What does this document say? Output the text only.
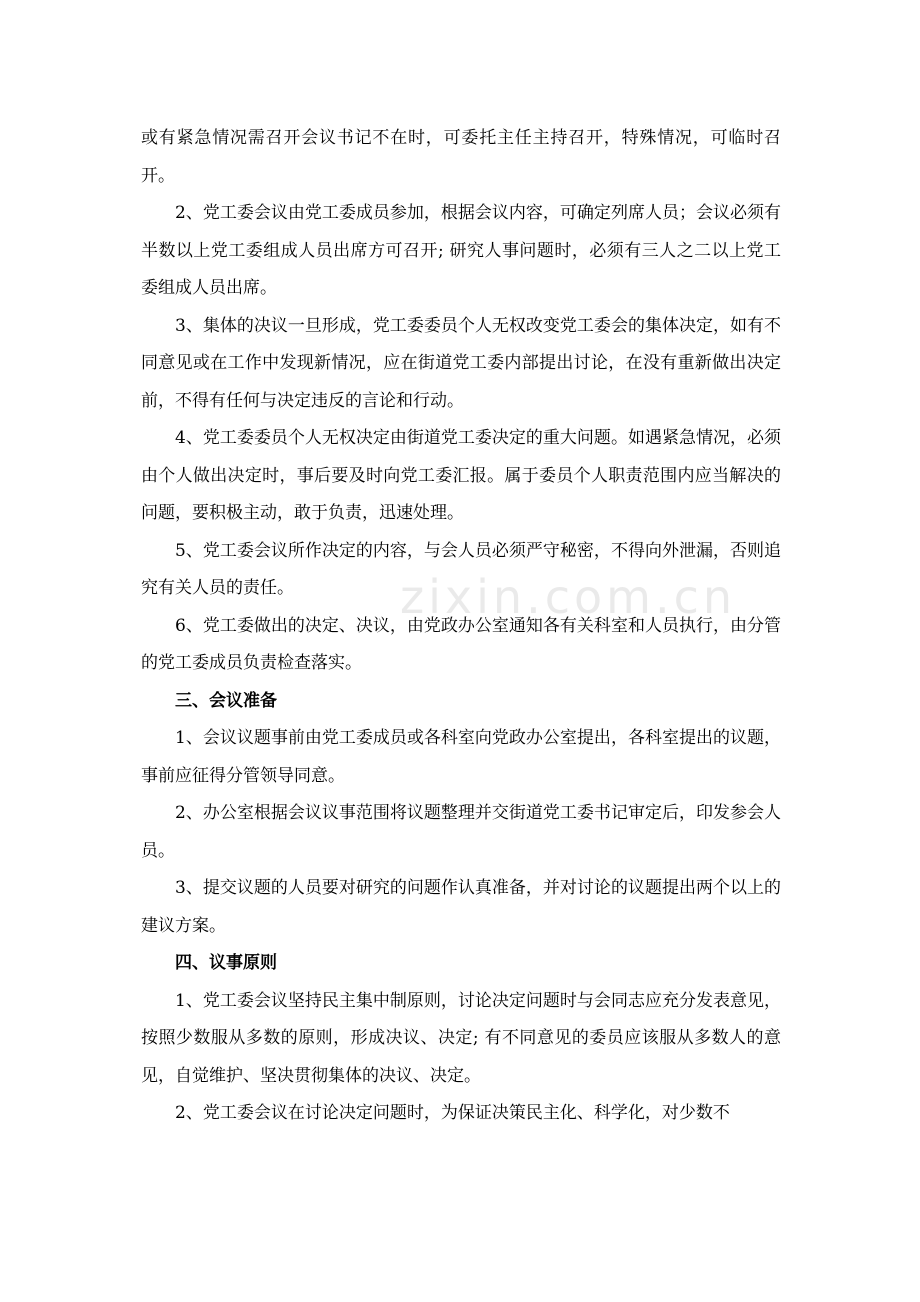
或有紧急情况需召开会议书记不在时，可委托主任主持召开，特殊情况，可临时召开。

2、党工委会议由党工委成员参加，根据会议内容，可确定列席人员；会议必须有半数以上党工委组成人员出席方可召开; 研究人事问题时，必须有三人之二以上党工委组成人员出席。

3、集体的决议一旦形成，党工委委员个人无权改变党工委会的集体决定，如有不同意见或在工作中发现新情况，应在街道党工委内部提出讨论，在没有重新做出决定前，不得有任何与决定违反的言论和行动。

4、党工委委员个人无权决定由街道党工委决定的重大问题。如遇紧急情况，必须由个人做出决定时，事后要及时向党工委汇报。属于委员个人职责范围内应当解决的问题，要积极主动，敢于负责，迅速处理。

5、党工委会议所作决定的内容，与会人员必须严守秘密，不得向外泄漏，否则追究有关人员的责任。

6、党工委做出的决定、决议，由党政办公室通知各有关科室和人员执行，由分管的党工委成员负责检查落实。

三、会议准备

1、会议议题事前由党工委成员或各科室向党政办公室提出，各科室提出的议题，事前应征得分管领导同意。

2、办公室根据会议议事范围将议题整理并交街道党工委书记审定后，印发参会人员。

3、提交议题的人员要对研究的问题作认真准备，并对讨论的议题提出两个以上的建议方案。

四、议事原则

1、党工委会议坚持民主集中制原则，讨论决定问题时与会同志应充分发表意见，按照少数服从多数的原则，形成决议、决定; 有不同意见的委员应该服从多数人的意见，自觉维护、坚决贯彻集体的决议、决定。

2、党工委会议在讨论决定问题时，为保证决策民主化、科学化，对少数不

zixin.com.cn
